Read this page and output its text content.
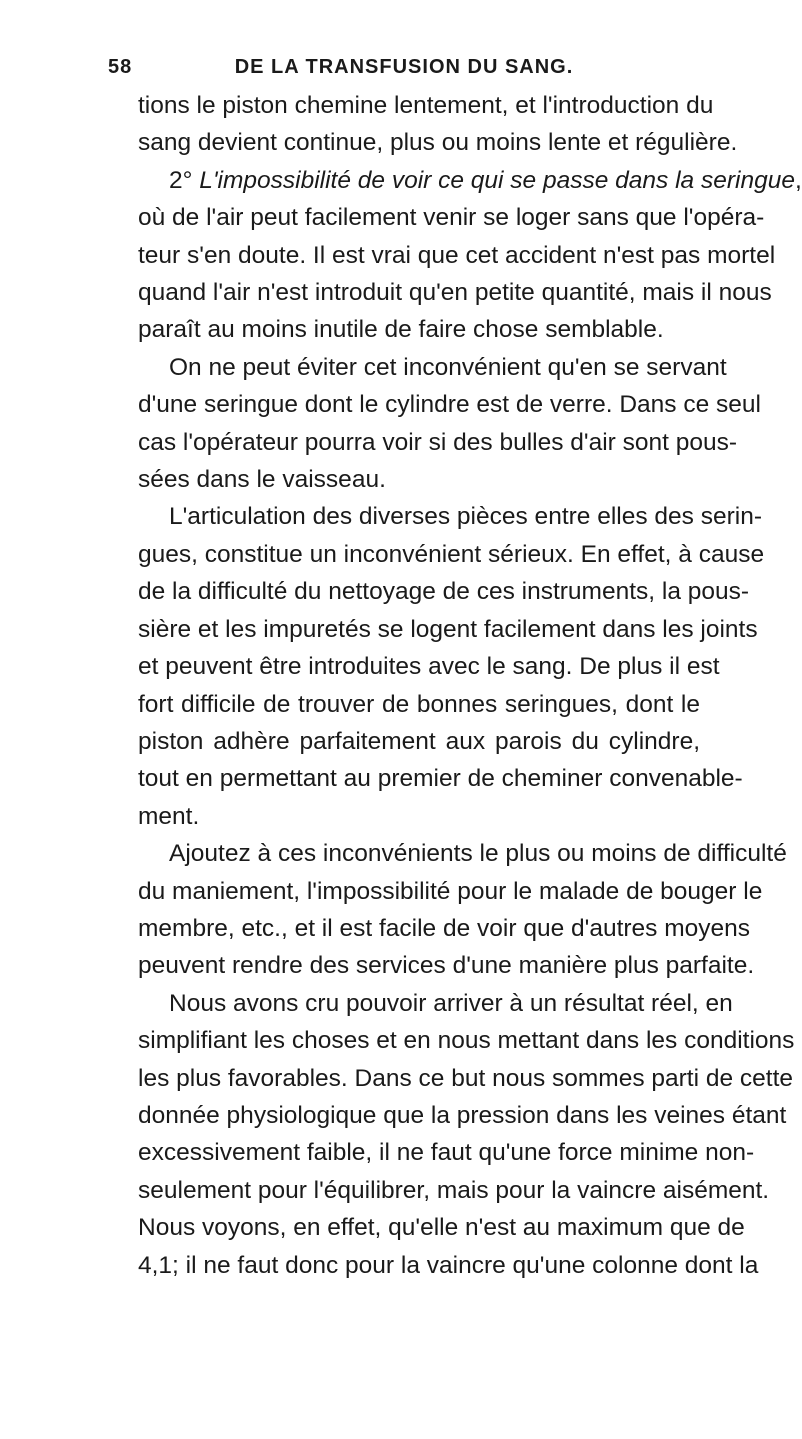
58	DE LA TRANSFUSION DU SANG.
tions le piston chemine lentement, et l'introduction du
sang devient continue, plus ou moins lente et régulière.
2° L'impossibilité de voir ce qui se passe dans la seringue,
où de l'air peut facilement venir se loger sans que l'opéra-
teur s'en doute. Il est vrai que cet accident n'est pas mortel
quand l'air n'est introduit qu'en petite quantité, mais il nous
paraît au moins inutile de faire chose semblable.
On ne peut éviter cet inconvénient qu'en se servant
d'une seringue dont le cylindre est de verre. Dans ce seul
cas l'opérateur pourra voir si des bulles d'air sont pous-
sées dans le vaisseau.
L'articulation des diverses pièces entre elles des serin-
gues, constitue un inconvénient sérieux. En effet, à cause
de la difficulté du nettoyage de ces instruments, la pous-
sière et les impuretés se logent facilement dans les joints
et peuvent être introduites avec le sang. De plus il est
fort difficile de trouver de bonnes seringues, dont le
piston adhère parfaitement aux parois du cylindre,
tout en permettant au premier de cheminer convenable-
ment.
Ajoutez à ces inconvénients le plus ou moins de difficulté
du maniement, l'impossibilité pour le malade de bouger le
membre, etc., et il est facile de voir que d'autres moyens
peuvent rendre des services d'une manière plus parfaite.
Nous avons cru pouvoir arriver à un résultat réel, en
simplifiant les choses et en nous mettant dans les conditions
les plus favorables. Dans ce but nous sommes parti de cette
donnée physiologique que la pression dans les veines étant
excessivement faible, il ne faut qu'une force minime non-
seulement pour l'équilibrer, mais pour la vaincre aisément.
Nous voyons, en effet, qu'elle n'est au maximum que de
4,1; il ne faut donc pour la vaincre qu'une colonne dont la
